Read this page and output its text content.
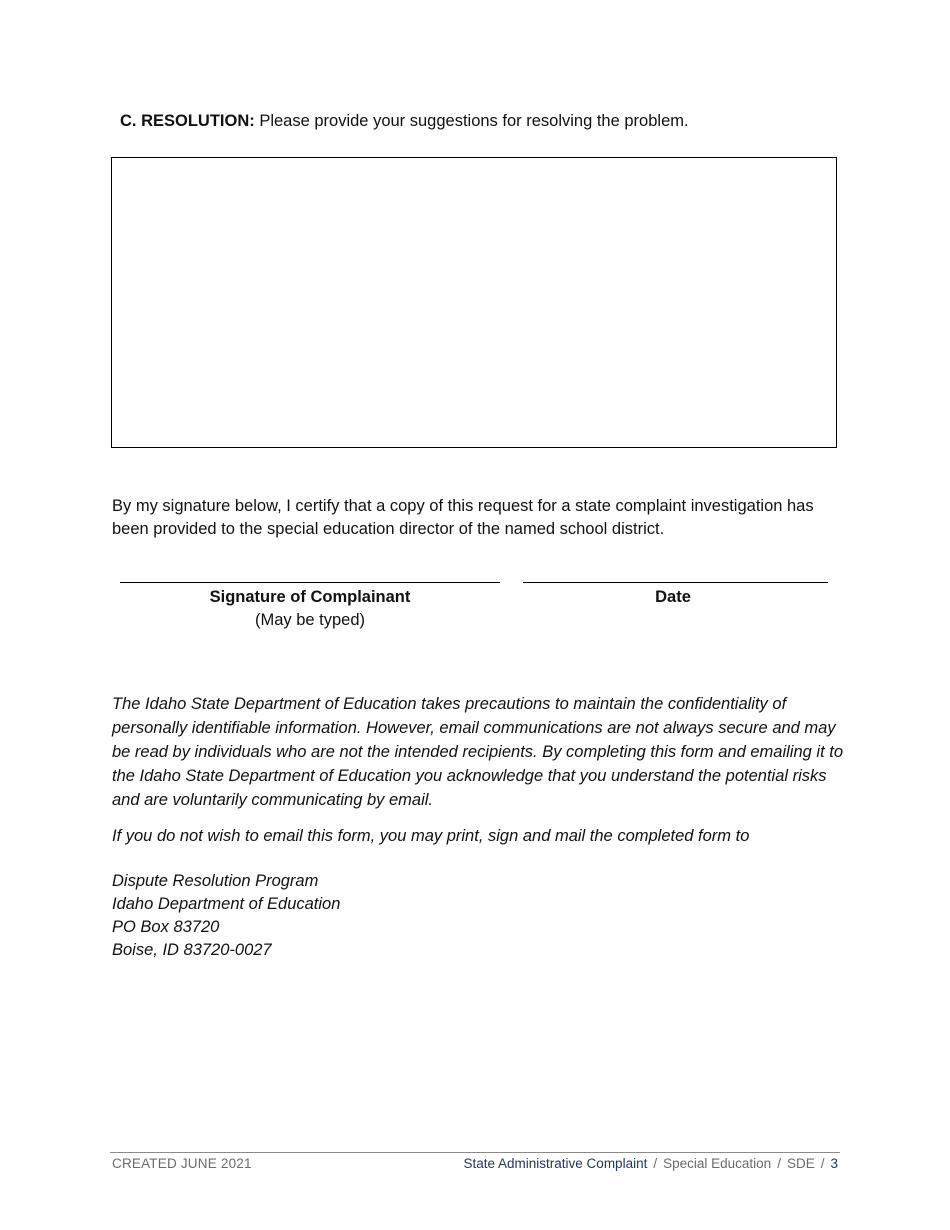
C. RESOLUTION: Please provide your suggestions for resolving the problem.
By my signature below, I certify that a copy of this request for a state complaint investigation has been provided to the special education director of the named school district.
Signature of Complainant	Date
(May be typed)
The Idaho State Department of Education takes precautions to maintain the confidentiality of personally identifiable information. However, email communications are not always secure and may be read by individuals who are not the intended recipients. By completing this form and emailing it to the Idaho State Department of Education you acknowledge that you understand the potential risks and are voluntarily communicating by email.
If you do not wish to email this form, you may print, sign and mail the completed form to
Dispute Resolution Program
Idaho Department of Education
PO Box 83720
Boise, ID 83720-0027
CREATED JUNE 2021	State Administrative Complaint / Special Education / SDE / 3
